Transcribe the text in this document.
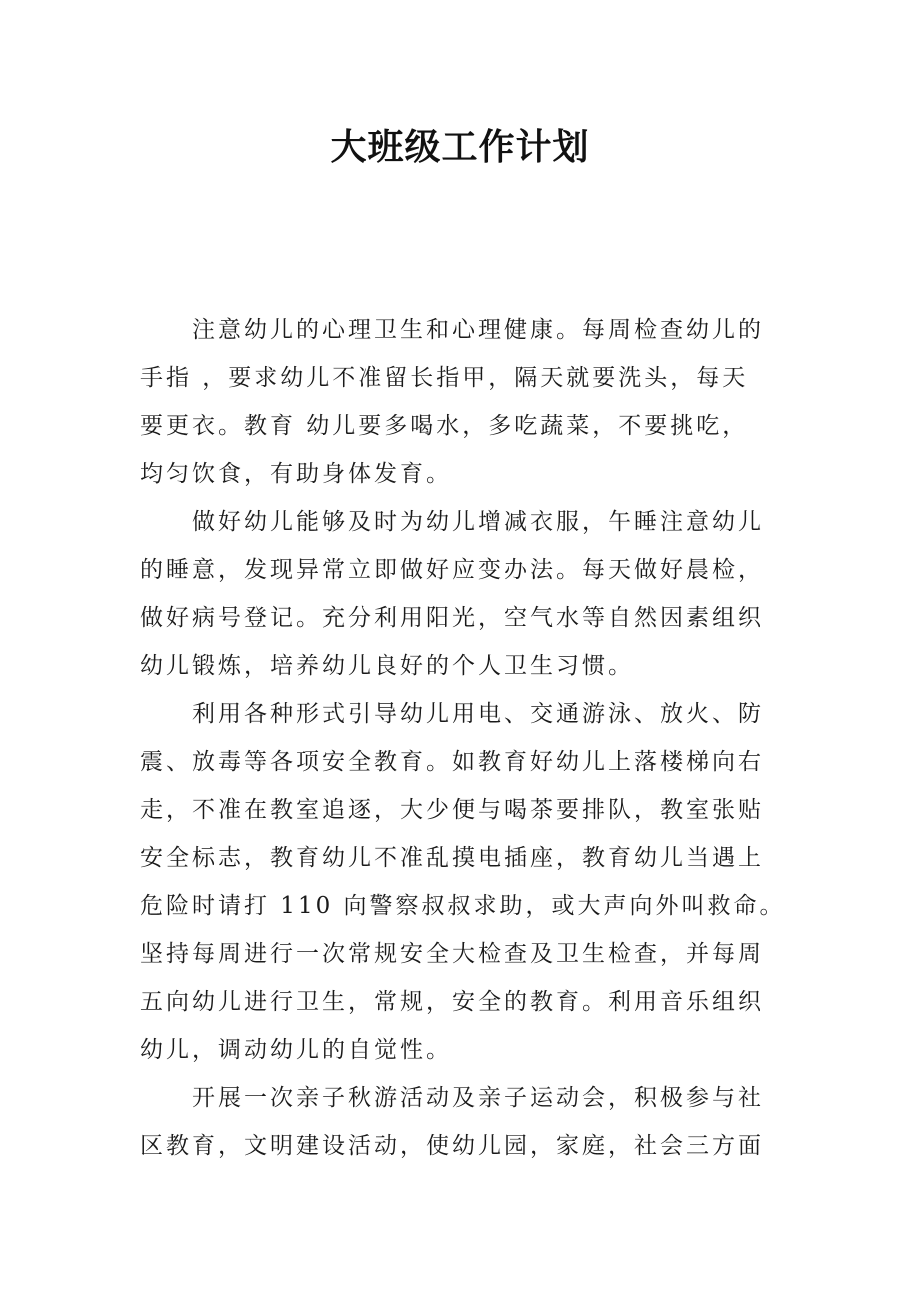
大班级工作计划
注意幼儿的心理卫生和心理健康。每周检查幼儿的
手指 ，要求幼儿不准留长指甲，隔天就要洗头，每天
要更衣。教育 幼儿要多喝水，多吃蔬菜，不要挑吃，
均匀饮食，有助身体发育。
做好幼儿能够及时为幼儿增减衣服，午睡注意幼儿
的睡意，发现异常立即做好应变办法。每天做好晨检，
做好病号登记。充分利用阳光，空气水等自然因素组织
幼儿锻炼，培养幼儿良好的个人卫生习惯。
利用各种形式引导幼儿用电、交通游泳、放火、防
震、放毒等各项安全教育。如教育好幼儿上落楼梯向右
走，不准在教室追逐，大少便与喝茶要排队，教室张贴
安全标志，教育幼儿不准乱摸电插座，教育幼儿当遇上
危险时请打 110 向警察叔叔求助，或大声向外叫救命。
坚持每周进行一次常规安全大检查及卫生检查，并每周
五向幼儿进行卫生，常规，安全的教育。利用音乐组织
幼儿，调动幼儿的自觉性。
开展一次亲子秋游活动及亲子运动会，积极参与社
区教育，文明建设活动，使幼儿园，家庭，社会三方面
